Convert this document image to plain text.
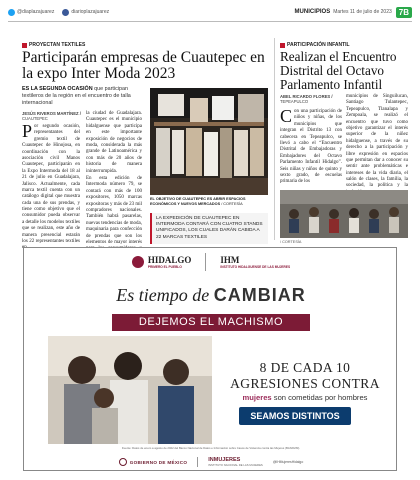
@diaplazajuarez	diarioplazajuarez	MUNICIPIOS Martes 11 de julio de 2023 7B
PROYECTAN TEXTILES
Participarán empresas de Cuautepec en la expo Inter Moda 2023
ES LA SEGUNDA OCASIÓN que participan textileros de la región en el encuentro de talla internacional
JESÚS RIVEROS MARTÍNEZ /
CUAUTEPEC
Por segundo ocasión, representantes del gremio textil de Cuautepec de Hinojosa, en coordinación con la asociación civil Manos Cuautepec, participarán en la Expo Intermoda del 18 al 21 de julio en Guadalajara, Jalisco. Actualmente, cada marca textil cuenta con un catálogo digital que muestra cada una de sus prendas, y tiene como objetivo que el consumidor pueda observar a detalle los modelos textiles que se realizan, este año de manera presencial estarán los 22 representantes textiles
la ciudad de Guadalajara. Cuautepec es el municipio hidalguense que participa en este importante exposición de negocios de moda, considerada la más grande de Latinoamérica y con más de 20 años de historia de manera ininterrumpida.
En esta edición de Intermoda número 79, se contará con más de 100 expositores, 1050 marcas expositoras y más de 23 mil compradores nacionales. También habrá pasarelas, nuevas tendencias de moda, maquinaria para confección de prendas que son los elementos de mayor interés
EL OBJETIVO DE CUAUTEPEC ES ABRIR ESPACIOS ECONÓMICOS Y NUEVOS MERCADOS / CORTESÍA
LA EXPEDICIÓN DE CUAUTEPEC EN INTERMODA CONTARÁ CON CUATRO STANDS UNIFICADOS, LOS CUALES DARÁN CABIDA A 22 MARCAS TEXTILES
PARTICIPACIÓN INFANTIL
Realizan el Encuentro Distrital del Octavo Parlamento Infantil
ABEL RICARDO FLORES /
TEPEAPULCO
Con una participación de niños y niñas, de los municipios que integran el Distrito 13 con cabecera en Tepeapulco, se llevó a cabo el “Encuentro Distrital de Embajadoras y Embajadores del Octavo Parlamento Infantil Hidalgo”. Seis niñas y niños de quinto y sexto grado, de escuelas primaria de los
municipios de Singuilucan, Santiago Tulantepec, Tepeapulco, Tlanalapa y Zempoala, se realizó el encuentro que tuvo como objetivo garantizar el interés superior de la niñez hidalguense, a través de su derecho a la participación y libre expresión en espacios que permitan dar a conocer su sentir ante problemáticas e intereses de la vida diaria, el salón de clases, la familia, la sociedad, la política y la
/ CORTESÍA
HIDALGO
PRIMERO EL PUEBLO
IHM
INSTITUTO HIDALGUENSE DE LAS MUJERES
Es tiempo de CAMBIAR
DEJEMOS EL MACHISMO
8 DE CADA 10
AGRESIONES CONTRA
mujeres son cometidas por hombres
SEAMOS DISTINTOS
Fuente: Datos de enero a agosto de 2022 del Banco Nacional de Datos e Información sobre Casos de Violencia contra las Mujeres (BANAVIM).
GOBIERNO DE MÉXICO	INMUJERES
INSTITUTO NACIONAL DE LAS MUJERES
@IHMujeresHidalgo
